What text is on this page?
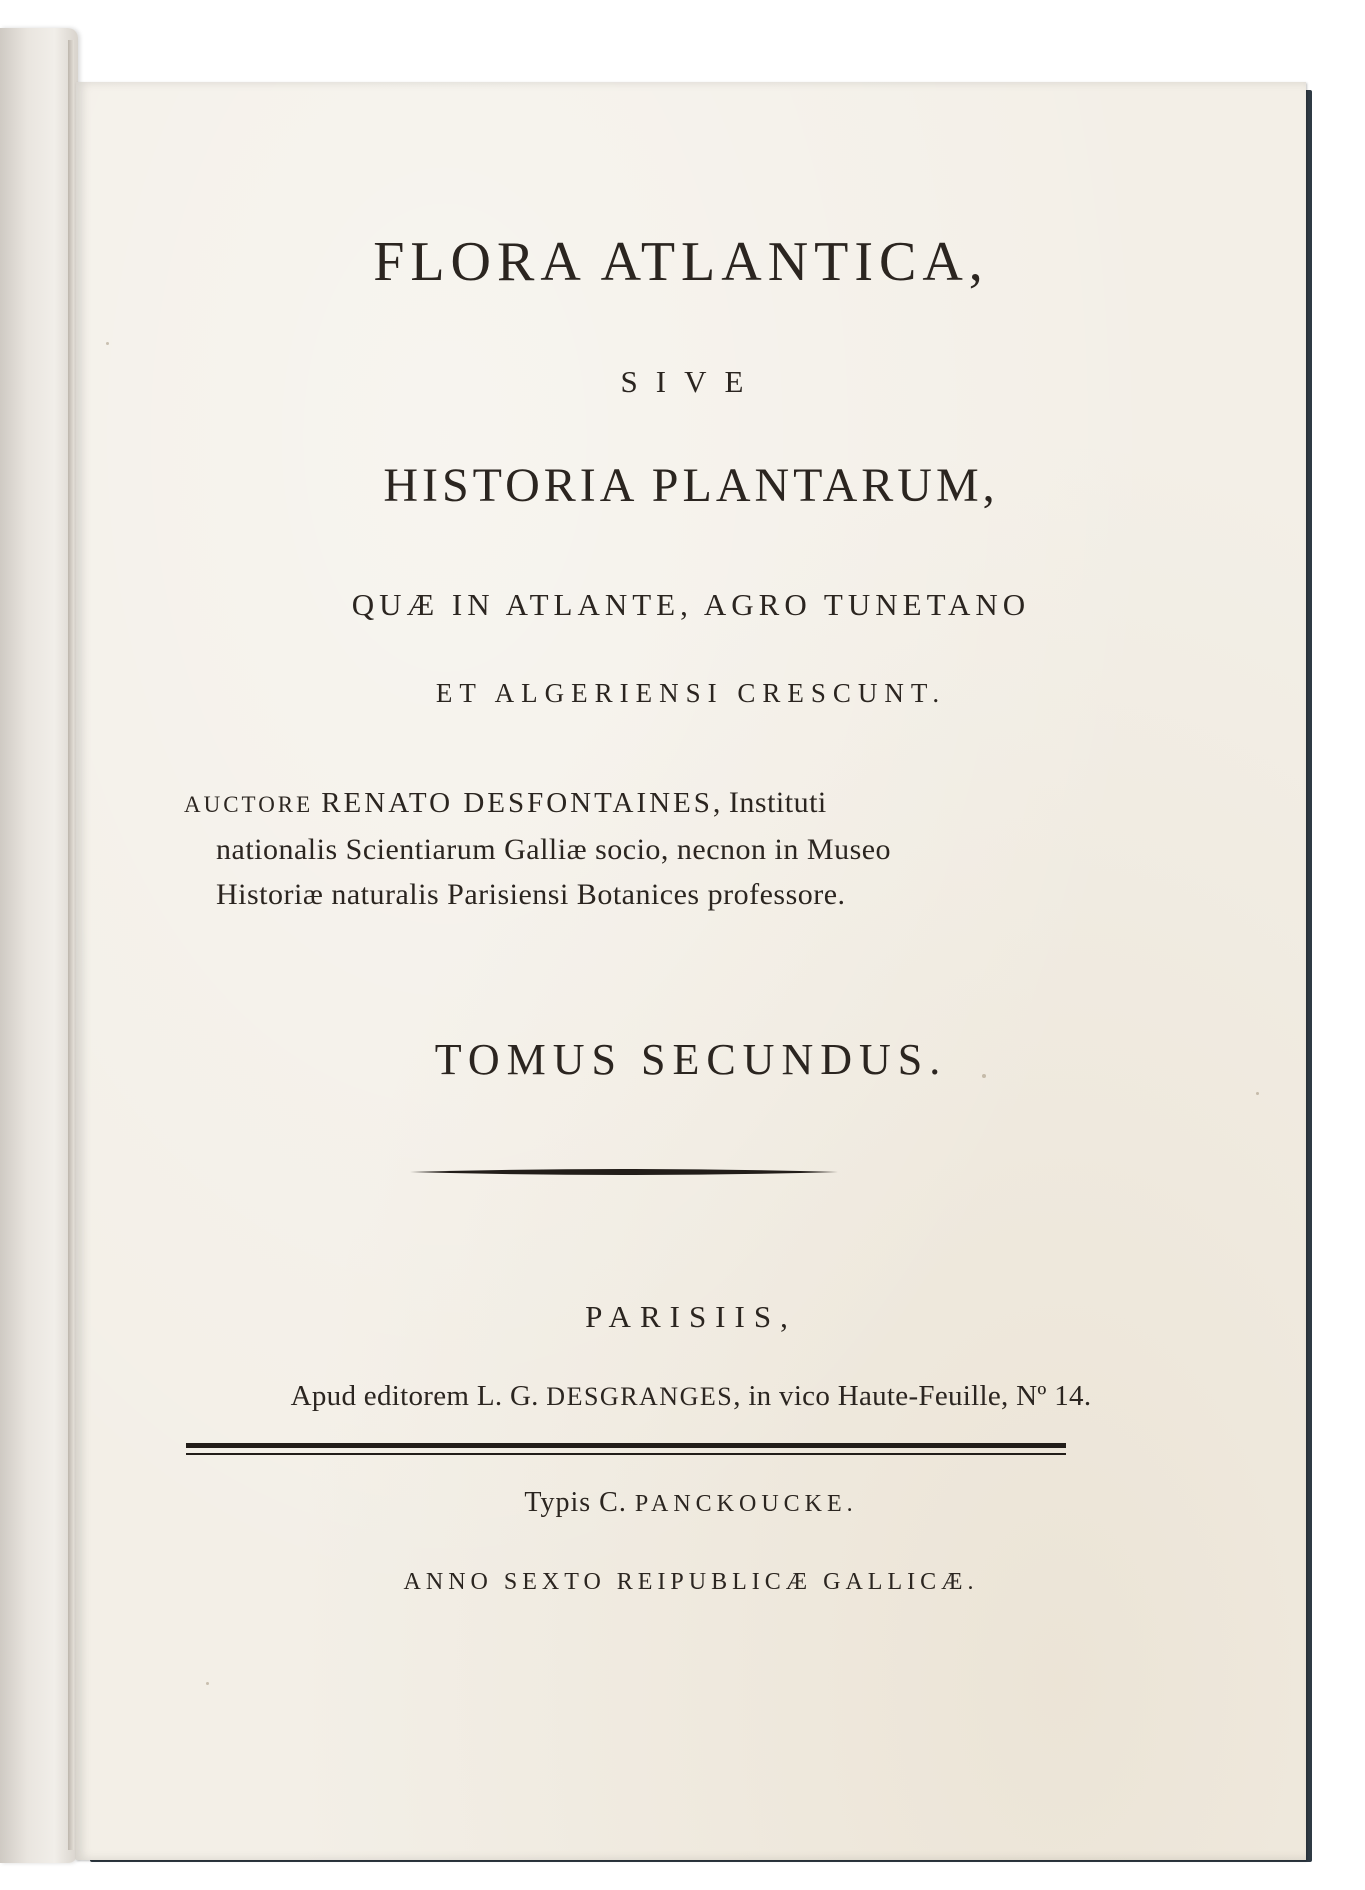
FLORA ATLANTICA,
SIVE
HISTORIA PLANTARUM,
QUÆ IN ATLANTE, AGRO TUNETANO
ET ALGERIENSI CRESCUNT.
AUCTORE RENATO DESFONTAINES, Instituti
nationalis Scientiarum Galliæ socio, necnon in Museo
Historiæ naturalis Parisiensi Botanices professore.
TOMUS SECUNDUS.
PARISIIS,
Apud editorem L. G. DESGRANGES, in vico Haute-Feuille, Nº 14.
Typis C. PANCKOUCKE.
ANNO SEXTO REIPUBLICÆ GALLICÆ.
